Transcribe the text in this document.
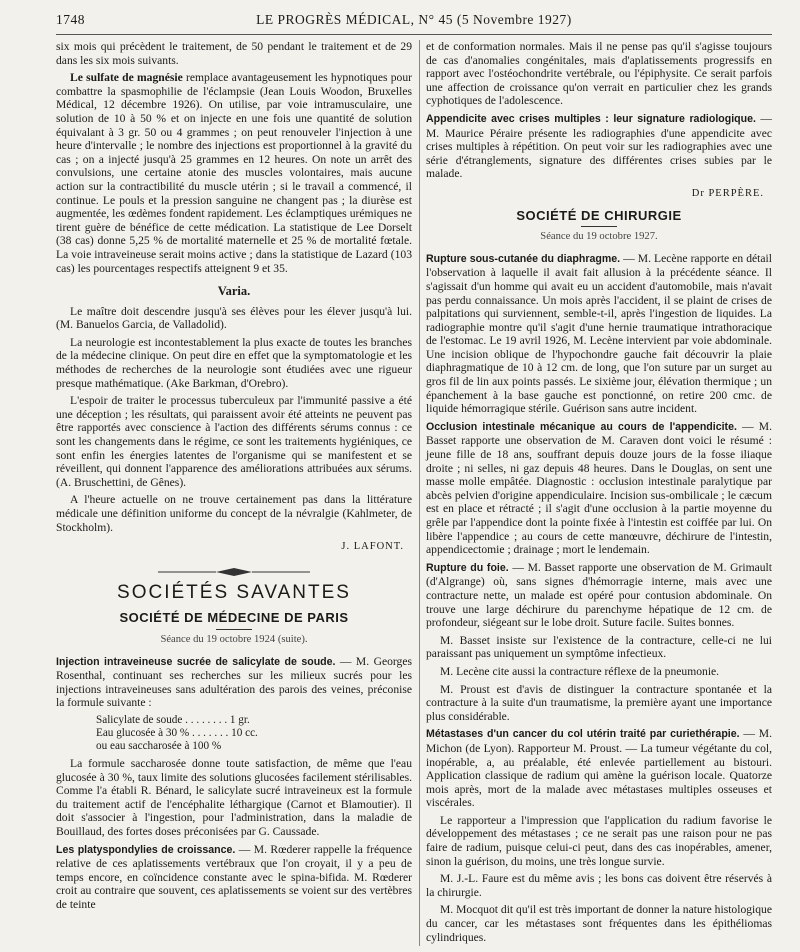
1748	LE PROGRÈS MÉDICAL, N° 45 (5 Novembre 1927)

six mois qui précèdent le traitement, de 50 pendant le traitement et de 29 dans les six mois suivants.

Le sulfate de magnésie remplace avantageusement les hypnotiques pour combattre la spasmophilie de l'éclampsie (Jean Louis Woodon, Bruxelles Médical, 12 décembre 1926). On utilise, par voie intramusculaire, une solution de 10 à 50 % et on injecte en une fois une quantité de solution équivalant à 3 gr. 50 ou 4 grammes ; on peut renouveler l'injection à une heure d'intervalle ; le nombre des injections est proportionnel à la gravité du cas ; on a injecté jusqu'à 25 grammes en 12 heures. On note un arrêt des convulsions, une certaine atonie des muscles volontaires, mais aucune action sur la contractibilité du muscle utérin ; si le travail a commencé, il continue. Le pouls et la pression sanguine ne changent pas ; la diurèse est augmentée, les œdèmes fondent rapidement. Les éclamptiques urémiques ne tirent guère de bénéfice de cette médication. La statistique de Lee Dorselt (38 cas) donne 5,25 % de mortalité maternelle et 25 % de mortalité fœtale. La voie intraveineuse serait moins active ; dans la statistique de Lazard (103 cas) les pourcentages respectifs atteignent 9 et 35.

Varia.

Le maître doit descendre jusqu'à ses élèves pour les élever jusqu'à lui. (M. Banuelos Garcia, de Valladolid).

La neurologie est incontestablement la plus exacte de toutes les branches de la médecine clinique. On peut dire en effet que la symptomatologie et les méthodes de recherches de la neurologie sont étudiées avec une rigueur presque mathématique. (Ake Barkman, d'Orebro).

L'espoir de traiter le processus tuberculeux par l'immunité passive a été une déception ; les résultats, qui paraissent avoir été atteints ne peuvent pas être rapportés avec conscience à l'action des différents sérums connus : ce sont les changements dans le régime, ce sont les traitements hygiéniques, ce sont enfin les énergies latentes de l'organisme qui se manifestent et se réveillent, qui donnent l'apparence des améliorations attribuées aux sérums. (A. Bruschettini, de Gênes).

A l'heure actuelle on ne trouve certainement pas dans la littérature médicale une définition uniforme du concept de la névralgie (Kahlmeter, de Stockholm).

J. LAFONT.
SOCIÉTÉS SAVANTES
SOCIÉTÉ DE MÉDECINE DE PARIS
Séance du 19 octobre 1924 (suite).

Injection intraveineuse sucrée de salicylate de soude. — M. Georges Rosenthal, continuant ses recherches sur les milieux sucrés pour les injections intraveineuses sans adultération des parois des veines, préconise la formule suivante :

Salicylate de soude . . . . . . . . 1 gr.
Eau glucosée à 30 % . . . . . . . 10 cc.
ou eau saccharosée à 100 %

La formule saccharosée donne toute satisfaction, de même que l'eau glucosée à 30 %, taux limite des solutions glucosées facilement stérilisables. Comme l'a établi R. Bénard, le salicylate sucré intraveineux est la formule du traitement actif de l'encéphalite léthargique (Carnot et Blamoutier). Il doit s'associer à l'ingestion, pour l'administration, dans la maladie de Bouillaud, des fortes doses préconisées par G. Caussade.

Les platyspondylies de croissance. — M. Rœderer rappelle la fréquence relative de ces aplatissements vertébraux que l'on croyait, il y a peu de temps encore, en coïncidence constante avec le spina-bifida. M. Rœderer croit au contraire que souvent, ces aplatissements se voient sur des vertèbres de teinte

et de conformation normales. Mais il ne pense pas qu'il s'agisse toujours de cas d'anomalies congénitales, mais d'aplatissements progressifs en rapport avec l'ostéochondrite vertébrale, ou l'épiphysite. Ce serait parfois une affection de croissance qu'on verrait en particulier chez les grands cyphotiques de l'adolescence.

Appendicite avec crises multiples : leur signature radiologique. — M. Maurice Péraire présente les radiographies d'une appendicite avec crises multiples à répétition. On peut voir sur les radiographies avec une série d'étranglements, signature des différentes crises subies par le malade.

Dr PERPÈRE.
SOCIÉTÉ DE CHIRURGIE
Séance du 19 octobre 1927.

Rupture sous-cutanée du diaphragme. — M. Lecène rapporte en détail l'observation à laquelle il avait fait allusion à la précédente séance. Il s'agissait d'un homme qui avait eu un accident d'automobile, mais n'avait pas perdu connaissance. Un mois après l'accident, il se plaint de crises de palpitations qui surviennent, semble-t-il, après l'ingestion de liquides. La radiographie montre qu'il s'agit d'une hernie traumatique intrathoracique de l'estomac. Le 19 avril 1926, M. Lecène intervient par voie abdominale. Une incision oblique de l'hypochondre gauche fait découvrir la plaie diaphragmatique de 10 à 12 cm. de long, que l'on suture par un surget au gros fil de lin aux points passés. Le sixième jour, élévation thermique ; un épanchement à la base gauche est ponctionné, on retire 200 cmc. de liquide hémorragique stérile. Guérison sans autre incident.

Occlusion intestinale mécanique au cours de l'appendicite. — M. Basset rapporte une observation de M. Caraven dont voici le résumé : jeune fille de 18 ans, souffrant depuis douze jours de la fosse iliaque droite ; ni selles, ni gaz depuis 48 heures. Dans le Douglas, on sent une masse molle empâtée. Diagnostic : occlusion intestinale paralytique par abcès pelvien d'origine appendiculaire. Incision sus-ombilicale ; le cæcum est en place et rétracté ; il s'agit d'une occlusion à la partie moyenne du grêle par l'appendice dont la pointe fixée à l'intestin est coiffée par lui. On libère l'appendice ; au cours de cette manœuvre, déchirure de l'intestin, appendicectomie ; drainage ; mort le lendemain.

Rupture du foie. — M. Basset rapporte une observation de M. Grimault (d'Algrange) où, sans signes d'hémorragie interne, mais avec une contracture nette, un malade est opéré pour contusion abdominale. On trouve une large déchirure du parenchyme hépatique de 12 cm. de profondeur, siégeant sur le lobe droit. Suture facile. Suites bonnes.

M. Basset insiste sur l'existence de la contracture, celle-ci ne lui paraissant pas uniquement un symptôme infectieux.

M. Lecène cite aussi la contracture réflexe de la pneumonie.

M. Proust est d'avis de distinguer la contracture spontanée et la contracture à la suite d'un traumatisme, la première ayant une importance plus considérable.

Métastases d'un cancer du col utérin traité par curiethérapie. — M. Michon (de Lyon). Rapporteur M. Proust. — La tumeur végétante du col, inopérable, a, au préalable, été enlevée partiellement au bistouri. Application classique de radium qui amène la guérison locale. Quatorze mois après, mort de la malade avec métastases multiples osseuses et viscérales.

Le rapporteur a l'impression que l'application du radium favorise le développement des métastases ; ce ne serait pas une raison pour ne pas faire de radium, puisque celui-ci peut, dans des cas inopérables, amener, sinon la guérison, du moins, une très longue survie.

M. J.-L. Faure est du même avis ; les bons cas doivent être réservés à la chirurgie.

M. Mocquot dit qu'il est très important de donner la nature histologique du cancer, car les métastases sont fréquentes dans les épithéliomas cylindriques.
